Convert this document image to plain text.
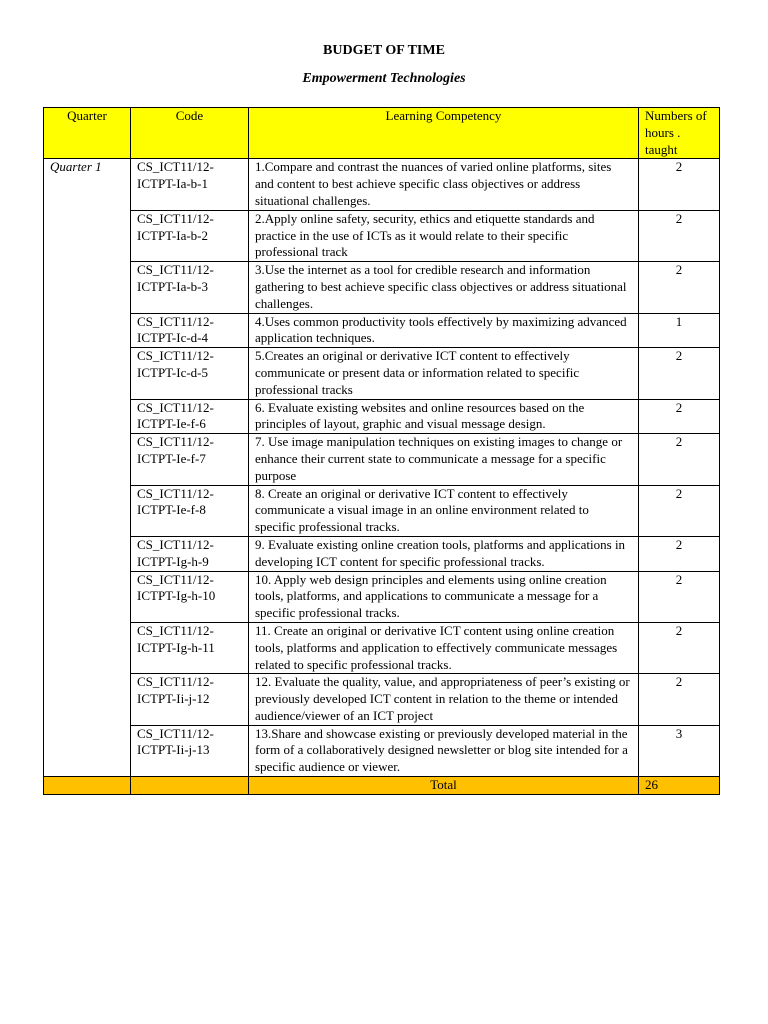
BUDGET OF TIME
Empowerment Technologies
Quarter	Code	Learning Competency	Numbers of hours . taught
Quarter 1	CS_ICT11/12-ICTPT-Ia-b-1	1.Compare and contrast the nuances of varied online platforms, sites and content to best achieve specific class objectives or address situational challenges.	2
	CS_ICT11/12-ICTPT-Ia-b-2	2.Apply online safety, security, ethics and etiquette standards and practice in the use of ICTs as it would relate to their specific professional track	2
	CS_ICT11/12-ICTPT-Ia-b-3	3.Use the internet as a tool for credible research and information gathering to best achieve specific class objectives or address situational challenges.	2
	CS_ICT11/12-ICTPT-Ic-d-4	4.Uses common productivity tools effectively by maximizing advanced application techniques.	1
	CS_ICT11/12-ICTPT-Ic-d-5	5.Creates an original or derivative ICT content to effectively communicate or present data or information related to specific professional tracks	2
	CS_ICT11/12-ICTPT-Ie-f-6	6. Evaluate existing websites and online resources based on the principles of layout, graphic and visual message design.	2
	CS_ICT11/12-ICTPT-Ie-f-7	7. Use image manipulation techniques on existing images to change or enhance their current state to communicate a message for a specific purpose	2
	CS_ICT11/12-ICTPT-Ie-f-8	8. Create an original or derivative ICT content to effectively communicate a visual image in an online environment related to specific professional tracks.	2
	CS_ICT11/12-ICTPT-Ig-h-9	9. Evaluate existing online creation tools, platforms and applications in developing ICT content for specific professional tracks.	2
	CS_ICT11/12-ICTPT-Ig-h-10	10. Apply web design principles and elements using online creation tools, platforms, and applications to communicate a message for a specific professional tracks.	2
	CS_ICT11/12-ICTPT-Ig-h-11	11. Create an original or derivative ICT content using online creation tools, platforms and application to effectively communicate messages related to specific professional tracks.	2
	CS_ICT11/12-ICTPT-Ii-j-12	12. Evaluate the quality, value, and appropriateness of peer’s existing or previously developed ICT content in relation to the theme or intended audience/viewer of an ICT project	2
	CS_ICT11/12-ICTPT-Ii-j-13	13.Share and showcase existing or previously developed material in the form of a collaboratively designed newsletter or blog site intended for a specific audience or viewer.	3
		Total	26
